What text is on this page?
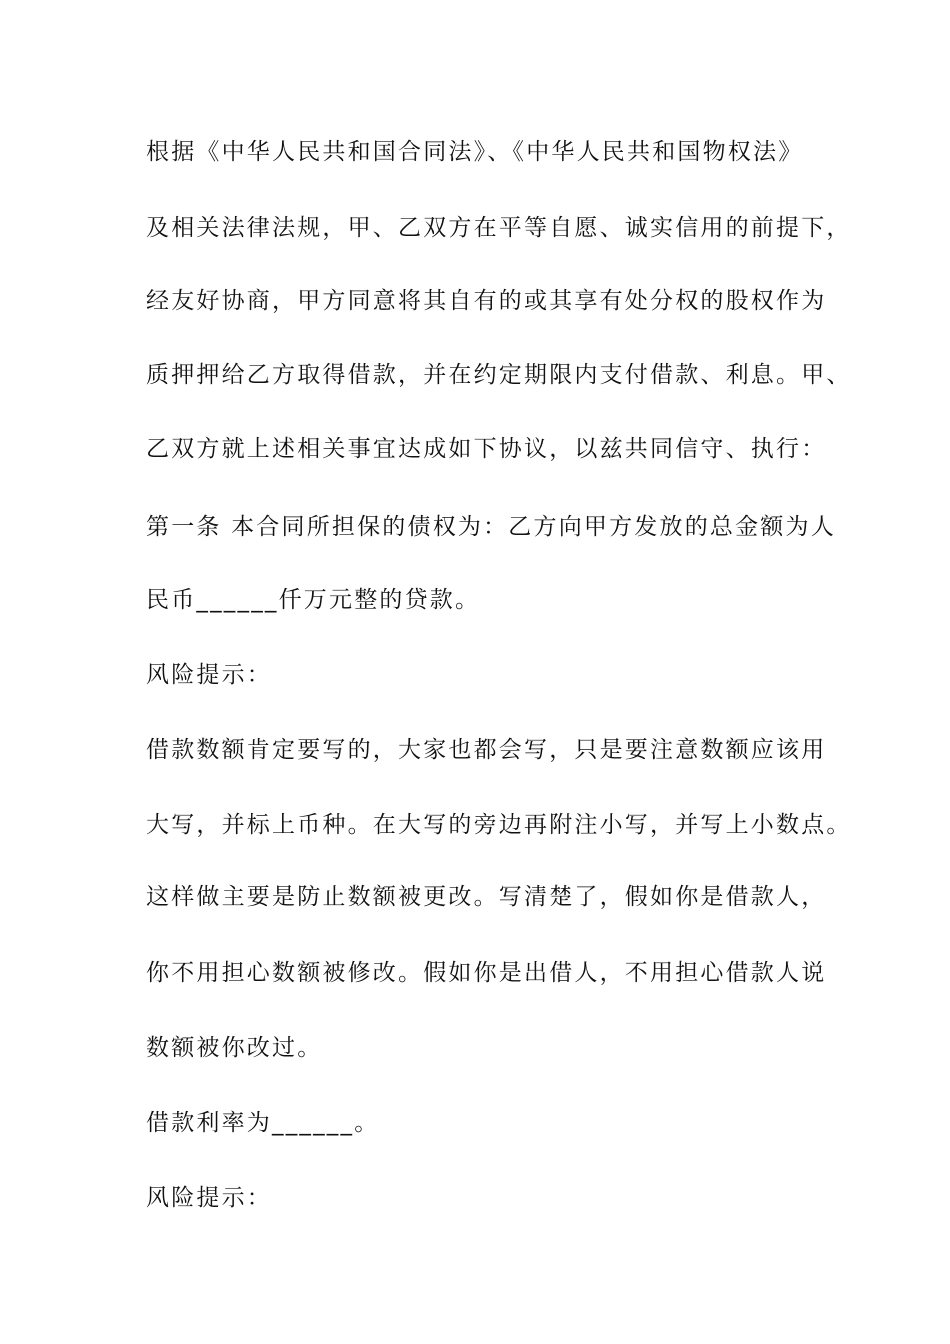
根据《中华人民共和国合同法》、《中华人民共和国物权法》
及相关法律法规，甲、乙双方在平等自愿、诚实信用的前提下，
经友好协商，甲方同意将其自有的或其享有处分权的股权作为
质押押给乙方取得借款，并在约定期限内支付借款、利息。甲、
乙双方就上述相关事宜达成如下协议，以兹共同信守、执行：
第一条 本合同所担保的债权为：乙方向甲方发放的总金额为人
民币______仟万元整的贷款。
风险提示：
借款数额肯定要写的，大家也都会写，只是要注意数额应该用
大写，并标上币种。在大写的旁边再附注小写，并写上小数点。
这样做主要是防止数额被更改。写清楚了，假如你是借款人，
你不用担心数额被修改。假如你是出借人，不用担心借款人说
数额被你改过。
借款利率为______。
风险提示：
